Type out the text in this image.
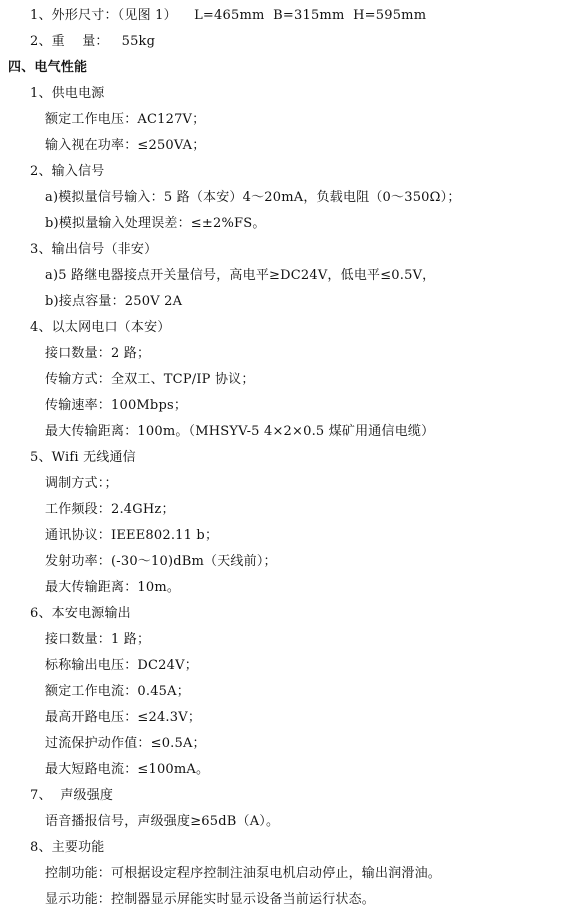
1、外形尺寸：（见图 1）    L=465mm  B=315mm  H=595mm
2、重    量：   55kg
四、电气性能
1、供电电源
额定工作电压：AC127V；
输入视在功率：≤250VA；
2、输入信号
a)模拟量信号输入：5 路（本安）4～20mA，负载电阻（0～350Ω）；
b)模拟量输入处理误差：≤±2%FS。
3、输出信号（非安）
a)5 路继电器接点开关量信号，高电平≥DC24V，低电平≤0.5V，
b)接点容量：250V 2A
4、以太网电口（本安）
接口数量：2 路；
传输方式：全双工、TCP/IP 协议；
传输速率：100Mbps；
最大传输距离：100m。（MHSYV-5 4×2×0.5 煤矿用通信电缆）
5、Wifi 无线通信
调制方式：；
工作频段：2.4GHz；
通讯协议：IEEE802.11 b；
发射功率：(-30～10)dBm（天线前）；
最大传输距离：10m。
6、本安电源输出
接口数量：1 路；
标称输出电压：DC24V；
额定工作电流：0.45A；
最高开路电压：≤24.3V；
过流保护动作值：≤0.5A；
最大短路电流：≤100mA。
7、  声级强度
语音播报信号，声级强度≥65dB（A）。
8、主要功能
控制功能：可根据设定程序控制注油泵电机启动停止，输出润滑油。
显示功能：控制器显示屏能实时显示设备当前运行状态。
